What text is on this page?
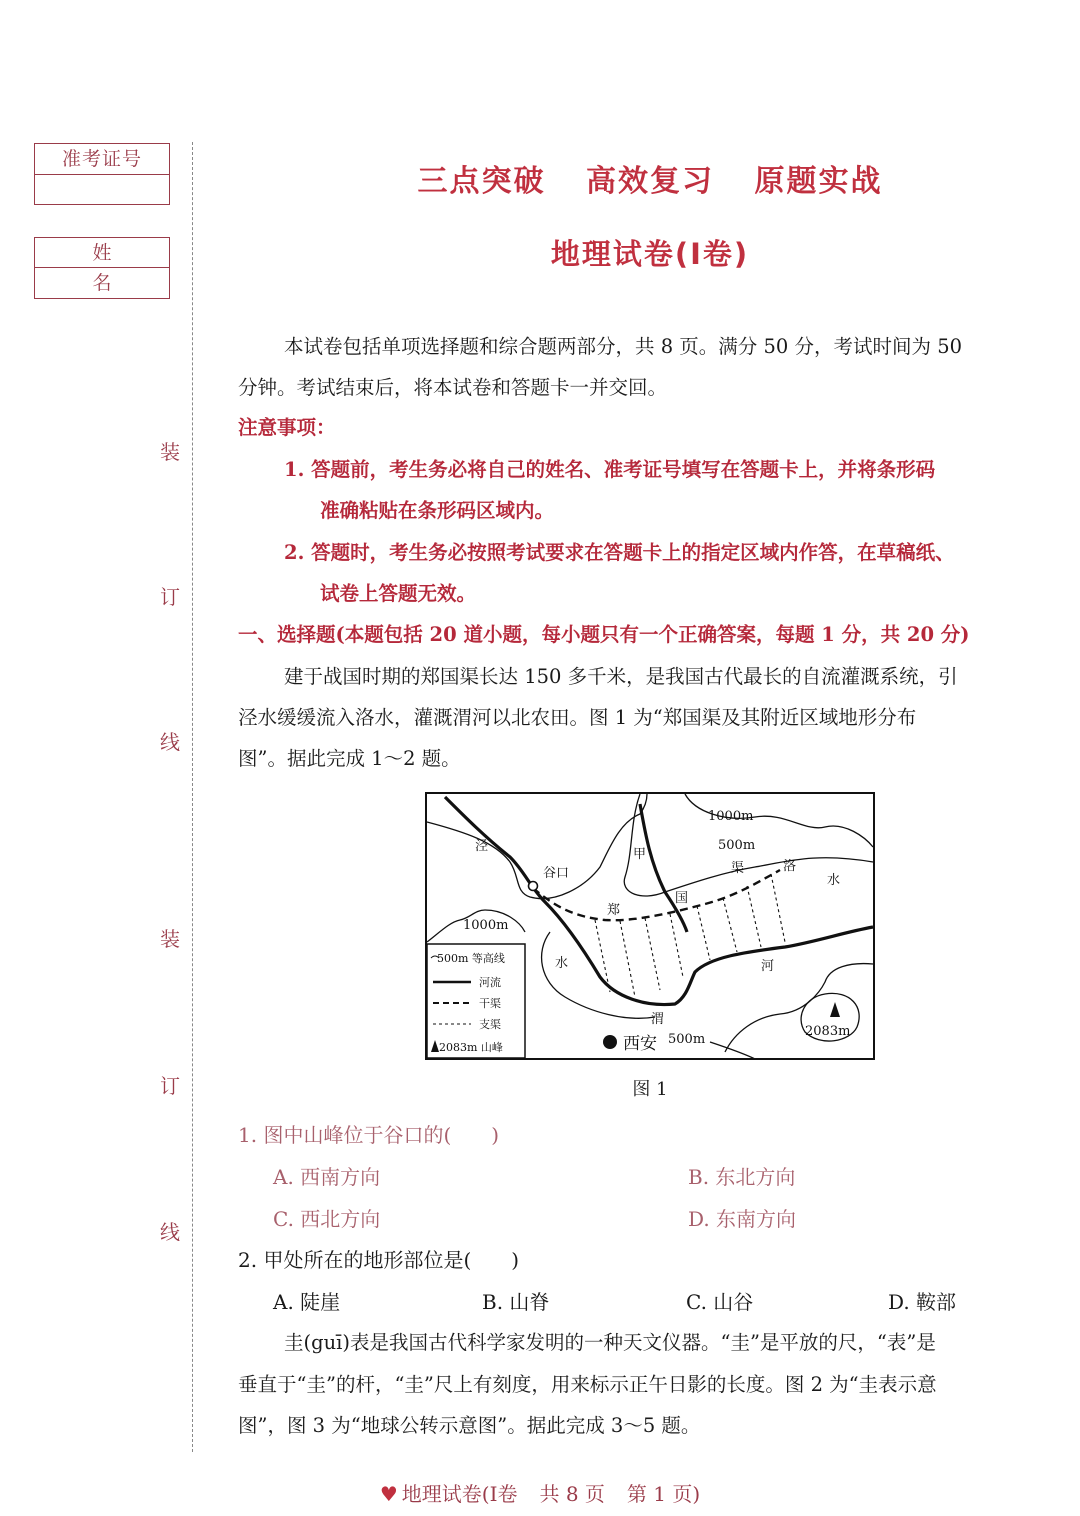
准考证号
姓名
装
订
线
装
订
线
三点突破 高效复习 原题实战
地理试卷(Ⅰ卷)
本试卷包括单项选择题和综合题两部分，共 8 页。满分 50 分，考试时间为 50
分钟。考试结束后，将本试卷和答题卡一并交回。
注意事项：
1. 答题前，考生务必将自己的姓名、准考证号填写在答题卡上，并将条形码
准确粘贴在条形码区域内。
2. 答题时，考生务必按照考试要求在答题卡上的指定区域内作答，在草稿纸、
试卷上答题无效。
一、选择题(本题包括 20 道小题，每小题只有一个正确答案，每题 1 分，共 20 分)
建于战国时期的郑国渠长达 150 多千米，是我国古代最长的自流灌溉系统，引
泾水缓缓流入洛水，灌溉渭河以北农田。图 1 为“郑国渠及其附近区域地形分布
图”。据此完成 1～2 题。
泾
谷口
甲
1000m
500m
渠	洛
水
郑
国
1000m
水	河
渭
西安 500m
2083m
500m 等高线
河流
干渠
支渠
2083m 山峰
图 1
1. 图中山峰位于谷口的(　　)
A. 西南方向	B. 东北方向
C. 西北方向	D. 东南方向
2. 甲处所在的地形部位是(　　)
A. 陡崖	B. 山脊	C. 山谷	D. 鞍部
圭(guī)表是我国古代科学家发明的一种天文仪器。“圭”是平放的尺，“表”是
垂直于“圭”的杆，“圭”尺上有刻度，用来标示正午日影的长度。图 2 为“圭表示意
图”，图 3 为“地球公转示意图”。据此完成 3～5 题。
♥ 地理试卷(Ⅰ卷 共 8 页 第 1 页)
